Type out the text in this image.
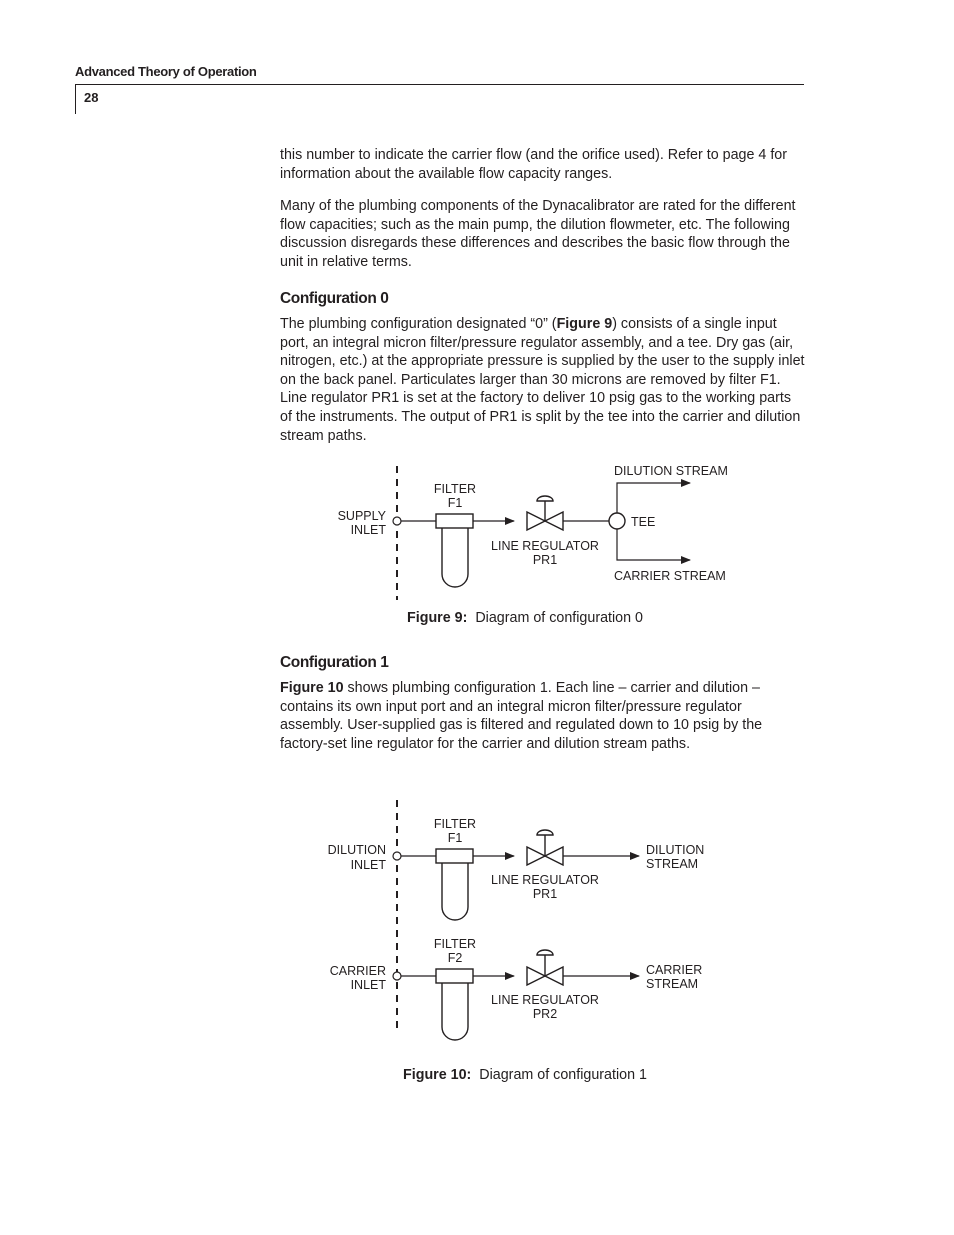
Advanced Theory of Operation
28

this number to indicate the carrier flow (and the orifice used). Refer to page 4 for information about the available flow capacity ranges.

Many of the plumbing components of the Dynacalibrator are rated for the different flow capacities; such as the main pump, the dilution flowmeter, etc. The following discussion disregards these differences and describes the basic flow through the unit in relative terms.

Configuration 0

The plumbing configuration designated “0” (Figure 9) consists of a single input port, an integral micron filter/pressure regulator assembly, and a tee. Dry gas (air, nitrogen, etc.) at the appropriate pressure is supplied by the user to the supply inlet on the back panel. Particulates larger than 30 microns are removed by filter F1. Line regulator PR1 is set at the factory to deliver 10 psig gas to the working parts of the instruments. The output of PR1 is split by the tee into the carrier and dilution stream paths.

SUPPLY
INLET
FILTER
F1
LINE REGULATOR
PR1
TEE
DILUTION STREAM
CARRIER STREAM
Figure 9: Diagram of configuration 0
Configuration 1

Figure 10 shows plumbing configuration 1. Each line – carrier and dilution – contains its own input port and an integral micron filter/pressure regulator assembly. User-supplied gas is filtered and regulated down to 10 psig by the factory-set line regulator for the carrier and dilution stream paths.

DILUTION
INLET
FILTER
F1
LINE REGULATOR
PR1
DILUTION
STREAM
CARRIER
INLET
FILTER
F2
LINE REGULATOR
PR2
CARRIER
STREAM
Figure 10: Diagram of configuration 1
